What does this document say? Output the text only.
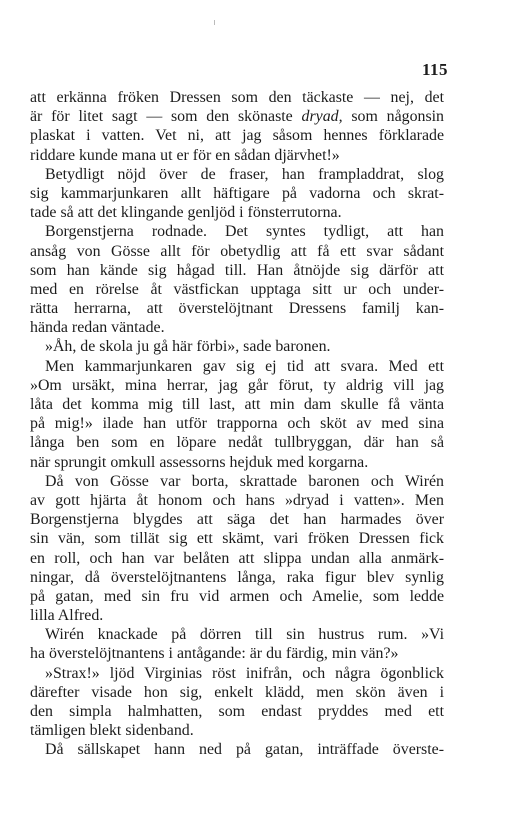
115
att erkänna fröken Dressen som den täckaste — nej, det
är för litet sagt — som den skönaste dryad, som någonsin
plaskat i vatten. Vet ni, att jag såsom hennes förklarade
riddare kunde mana ut er för en sådan djärvhet!»
Betydligt nöjd över de fraser, han frampladdrat, slog
sig kammarjunkaren allt häftigare på vadorna och skrat-
tade så att det klingande genljöd i fönsterrutorna.
Borgenstjerna rodnade. Det syntes tydligt, att han
ansåg von Gösse allt för obetydlig att få ett svar sådant
som han kände sig hågad till. Han åtnöjde sig därför att
med en rörelse åt västfickan upptaga sitt ur och under-
rätta herrarna, att överstelöjtnant Dressens familj kan-
hända redan väntade.
»Åh, de skola ju gå här förbi», sade baronen.
Men kammarjunkaren gav sig ej tid att svara. Med ett
»Om ursäkt, mina herrar, jag går förut, ty aldrig vill jag
låta det komma mig till last, att min dam skulle få vänta
på mig!» ilade han utför trapporna och sköt av med sina
långa ben som en löpare nedåt tullbryggan, där han så
när sprungit omkull assessorns hejduk med korgarna.
Då von Gösse var borta, skrattade baronen och Wirén
av gott hjärta åt honom och hans »dryad i vatten». Men
Borgenstjerna blygdes att säga det han harmades över
sin vän, som tillät sig ett skämt, vari fröken Dressen fick
en roll, och han var belåten att slippa undan alla anmärk-
ningar, då överstelöjtnantens långa, raka figur blev synlig
på gatan, med sin fru vid armen och Amelie, som ledde
lilla Alfred.
Wirén knackade på dörren till sin hustrus rum. »Vi
ha överstelöjtnantens i antågande: är du färdig, min vän?»
»Strax!» ljöd Virginias röst inifrån, och några ögonblick
därefter visade hon sig, enkelt klädd, men skön även i
den simpla halmhatten, som endast pryddes med ett
tämligen blekt sidenband.
Då sällskapet hann ned på gatan, inträffade överste-
